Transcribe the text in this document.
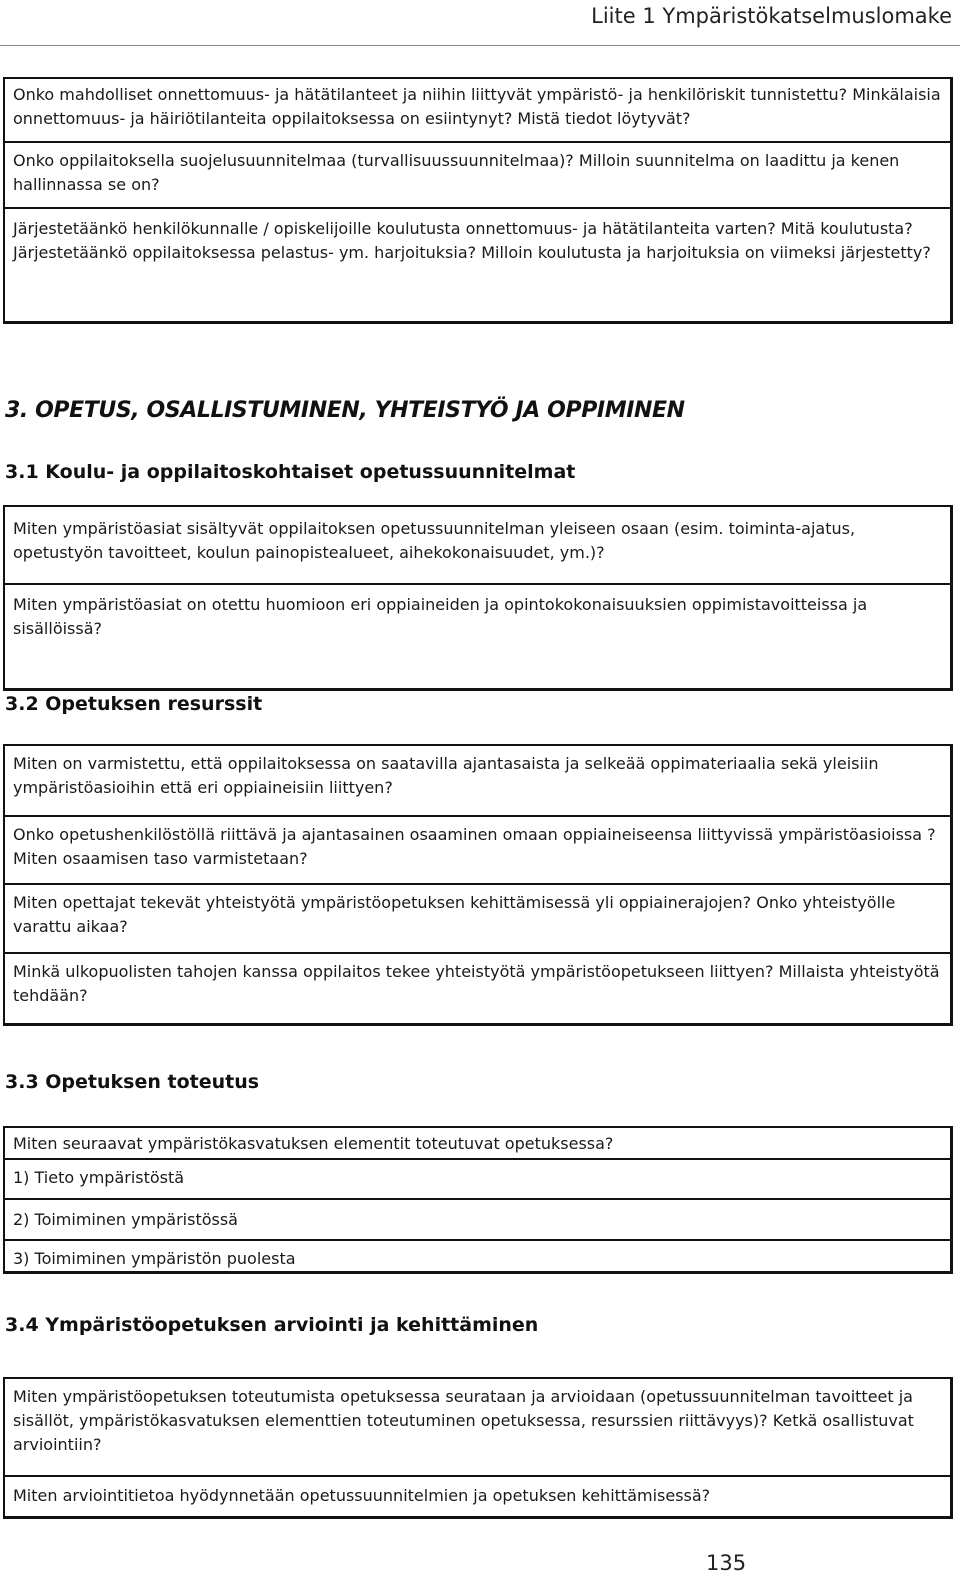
Liite 1 Ympäristökatselmuslomake
Onko mahdolliset onnettomuus- ja hätätilanteet ja niihin liittyvät ympäristö- ja henkilöriskit tunnistettu? Minkälaisia onnettomuus- ja häiriötilanteita oppilaitoksessa on esiintynyt? Mistä tiedot löytyvät?
Onko oppilaitoksella suojelusuunnitelmaa (turvallisuussuunnitelmaa)? Milloin suunnitelma on laadittu ja kenen hallinnassa se on?
Järjestetäänkö henkilökunnalle / opiskelijoille koulutusta onnettomuus- ja hätätilanteita varten? Mitä koulutusta? Järjestetäänkö oppilaitoksessa pelastus- ym. harjoituksia? Milloin koulutusta ja harjoituksia on viimeksi järjestetty?
3. OPETUS, OSALLISTUMINEN, YHTEISTYÖ JA OPPIMINEN
3.1 Koulu- ja oppilaitoskohtaiset opetussuunnitelmat
Miten ympäristöasiat sisältyvät oppilaitoksen opetussuunnitelman yleiseen osaan (esim. toiminta-ajatus, opetustyön tavoitteet, koulun painopistealueet, aihekokonaisuudet, ym.)?
Miten ympäristöasiat on otettu huomioon eri oppiaineiden ja opintokokonaisuuksien oppimistavoitteissa ja sisällöissä?
3.2 Opetuksen resurssit
Miten on varmistettu, että oppilaitoksessa on saatavilla ajantasaista ja selkeää oppimateriaalia sekä yleisiin ympäristöasioihin että eri oppiaineisiin liittyen?
Onko opetushenkilöstöllä riittävä ja ajantasainen osaaminen omaan oppiaineiseensa liittyvissä ympäristöasioissa ? Miten osaamisen taso varmistetaan?
Miten opettajat tekevät yhteistyötä ympäristöopetuksen kehittämisessä yli oppiainerajojen? Onko yhteistyölle varattu aikaa?
Minkä ulkopuolisten tahojen kanssa oppilaitos tekee yhteistyötä ympäristöopetukseen liittyen? Millaista yhteistyötä tehdään?
3.3 Opetuksen toteutus
Miten seuraavat ympäristökasvatuksen elementit toteutuvat opetuksessa?
1) Tieto ympäristöstä
2) Toimiminen ympäristössä
3) Toimiminen ympäristön puolesta
3.4 Ympäristöopetuksen arviointi ja kehittäminen
Miten ympäristöopetuksen toteutumista opetuksessa seurataan ja arvioidaan (opetussuunnitelman tavoitteet ja sisällöt, ympäristökasvatuksen elementtien toteutuminen opetuksessa, resurssien riittävyys)? Ketkä osallistuvat arviointiin?
Miten arviointitietoa hyödynnetään opetussuunnitelmien ja opetuksen kehittämisessä?
135
